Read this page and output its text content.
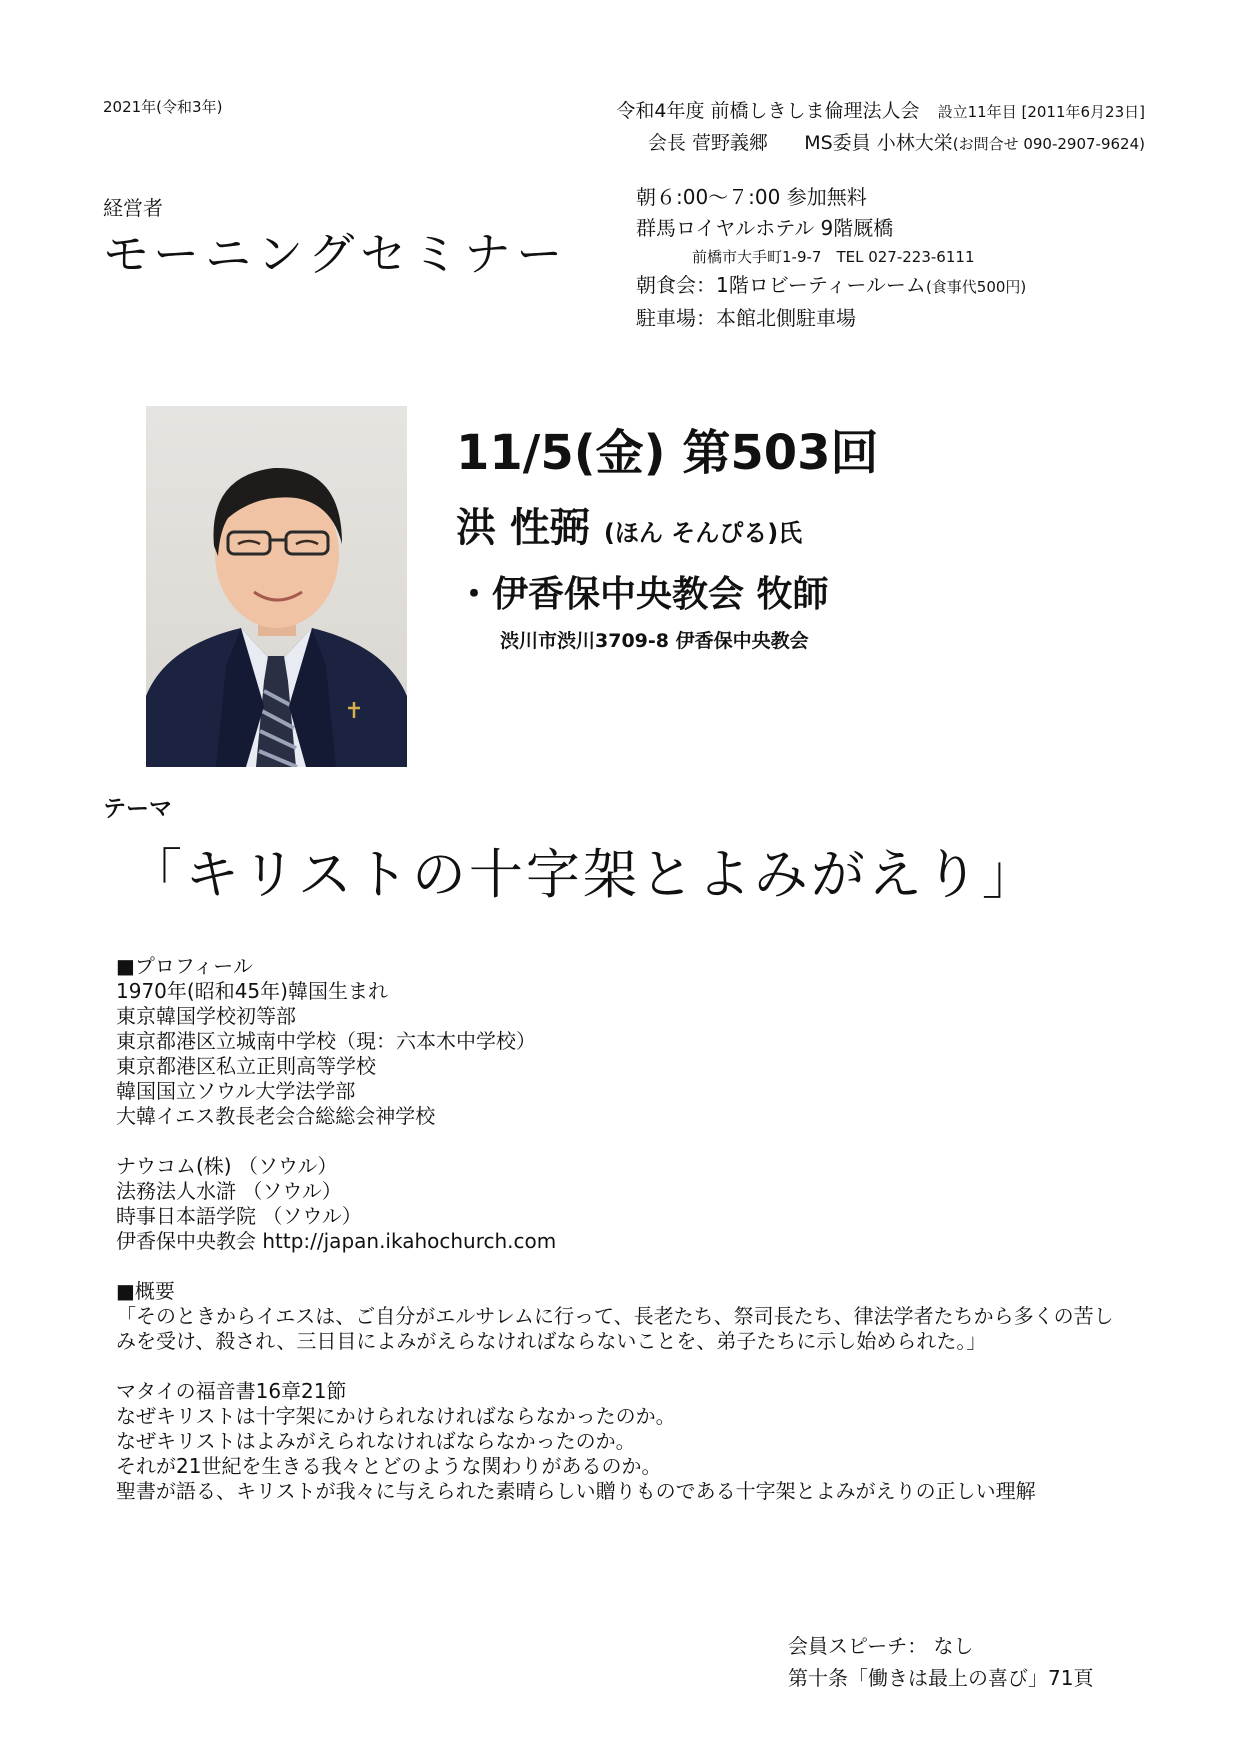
2021年(令和3年)	令和4年度 前橋しきしま倫理法人会 設立11年目 [2011年6月23日]
会長 菅野義郷 MS委員 小林大栄(お問合せ 090-2907-9624)
経営者
モーニングセミナー
朝６:00～７:00 参加無料
群馬ロイヤルホテル 9階厩橋
前橋市大手町1-9-7　TEL 027-223-6111
朝食会：1階ロビーティールーム(食事代500円)
駐車場：本館北側駐車場
11/5(金) 第503回
洪 性弼 (ほん そんぴる)氏
・伊香保中央教会 牧師
渋川市渋川3709-8 伊香保中央教会
テーマ
「キリストの十字架とよみがえり」
■プロフィール
1970年(昭和45年)韓国生まれ
東京韓国学校初等部
東京都港区立城南中学校（現：六本木中学校）
東京都港区私立正則高等学校
韓国国立ソウル大学法学部
大韓イエス教長老会合総総会神学校
ナウコム(株) （ソウル）
法務法人水滸 （ソウル）
時事日本語学院 （ソウル）
伊香保中央教会 http://japan.ikahochurch.com
■概要
「そのときからイエスは、ご自分がエルサレムに行って、長老たち、祭司長たち、律法学者たちから多くの苦しみを受け、殺され、三日目によみがえらなければならないことを、弟子たちに示し始められた。」
マタイの福音書16章21節
なぜキリストは十字架にかけられなければならなかったのか。
なぜキリストはよみがえられなければならなかったのか。
それが21世紀を生きる我々とどのような関わりがあるのか。
聖書が語る、キリストが我々に与えられた素晴らしい贈りものである十字架とよみがえりの正しい理解
会員スピーチ： なし
第十条「働きは最上の喜び」71頁
